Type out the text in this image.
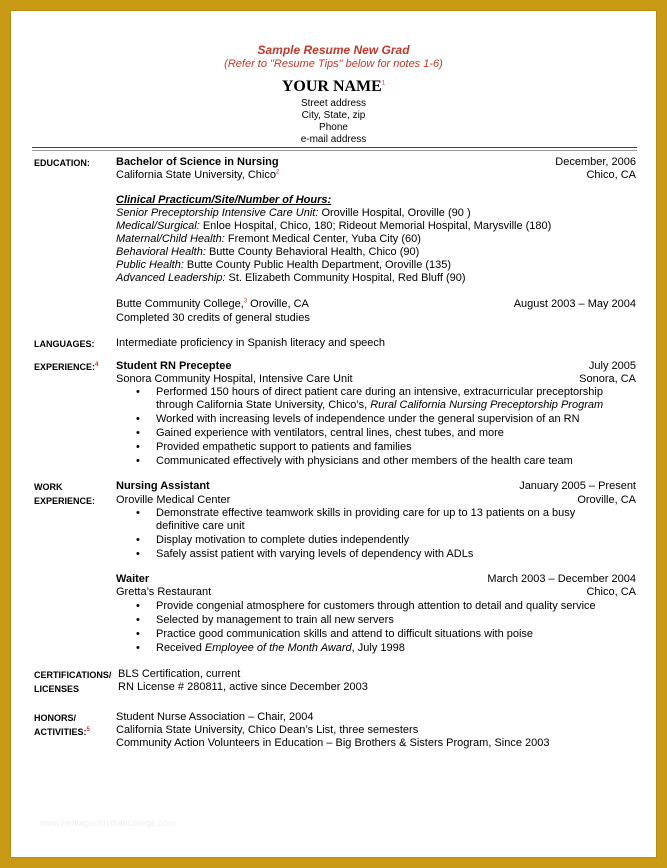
Sample Resume New Grad
(Refer to "Resume Tips" below for notes 1-6)
YOUR NAME$^1$
Street address
City, State, zip
Phone
e-mail address
EDUCATION: Bachelor of Science in Nursing	December, 2006
California State University, Chico$^2$	Chico, CA
Clinical Practicum/Site/Number of Hours:
Senior Preceptorship Intensive Care Unit: Oroville Hospital, Oroville (90 )
Medical/Surgical: Enloe Hospital, Chico, 180; Rideout Memorial Hospital, Marysville (180)
Maternal/Child Health: Fremont Medical Center, Yuba City (60)
Behavioral Health: Butte County Behavioral Health, Chico (90)
Public Health: Butte County Public Health Department, Oroville (135)
Advanced Leadership: St. Elizabeth Community Hospital, Red Bluff (90)
Butte Community College,$^3$ Oroville, CA	August 2003 – May 2004
Completed 30 credits of general studies
LANGUAGES: Intermediate proficiency in Spanish literacy and speech
EXPERIENCE:$^4$ Student RN Preceptee	July 2005
Sonora Community Hospital, Intensive Care Unit	Sonora, CA
• Performed 150 hours of direct patient care during an intensive, extracurricular preceptorship
through California State University, Chico’s, Rural California Nursing Preceptorship Program
• Worked with increasing levels of independence under the general supervision of an RN
• Gained experience with ventilators, central lines, chest tubes, and more
• Provided empathetic support to patients and families
• Communicated effectively with physicians and other members of the health care team
WORK
EXPERIENCE:
Nursing Assistant	January 2005 – Present
Oroville Medical Center	Oroville, CA
• Demonstrate effective teamwork skills in providing care for up to 13 patients on a busy
definitive care unit
• Display motivation to complete duties independently
• Safely assist patient with varying levels of dependency with ADLs
Waiter	March 2003 – December 2004
Gretta’s Restaurant	Chico, CA
• Provide congenial atmosphere for customers through attention to detail and quality service
• Selected by management to train all new servers
• Practice good communication skills and attend to difficult situations with poise
• Received Employee of the Month Award, July 1998
CERTIFICATIONS/
LICENSES
BLS Certification, current
RN License # 280811, active since December 2003
HONORS/
ACTIVITIES:$^5$
Student Nurse Association – Chair, 2004
California State University, Chico Dean’s List, three semesters
Community Action Volunteers in Education – Big Brothers & Sisters Program, Since 2003
www.heritagechristiancollege.com
